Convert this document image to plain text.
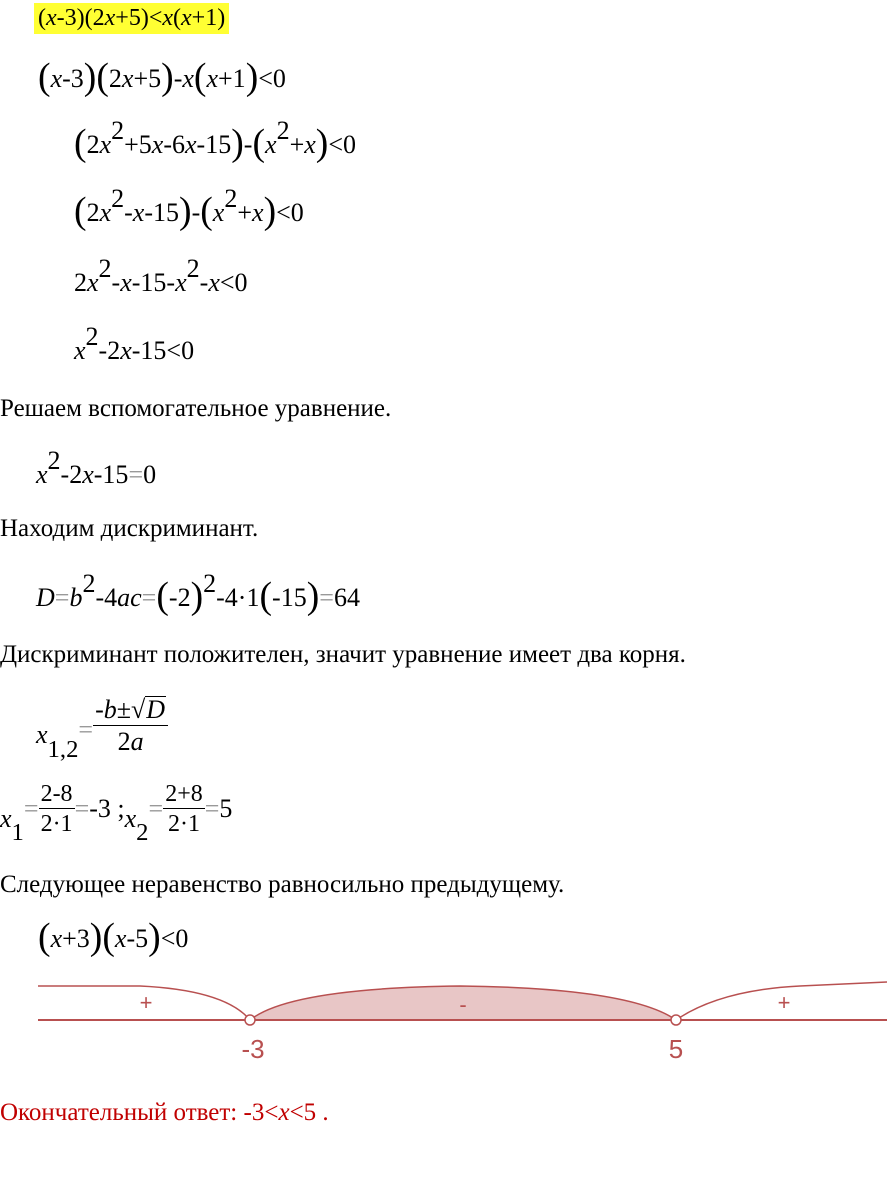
(x-3)(2x+5)<x(x+1)
(x-3)(2x+5)-x(x+1)<0
(2x2+5x-6x-15)-(x2+x)<0
(2x2-x-15)-(x2+x)<0
2x2-x-15-x2-x<0
x2-2x-15<0
Решаем вспомогательное уравнение.
x2-2x-15=0
Находим дискриминант.
D=b2-4ac=(-2)2-4·1(-15)=64
Дискриминант положителен, значит уравнение имеет два корня.
$x1,2= \frac{-b\pm√D}{2a}$
$x1= \frac{2-8}{2\cdot 1} =-3$ ;x2= $\frac{2+8}{2\cdot 1} =5$
Следующее неравенство равносильно предыдущему.
(x+3)(x-5)<0
+	-	+
-3	5
Окончательный ответ: -3<x<5 .
